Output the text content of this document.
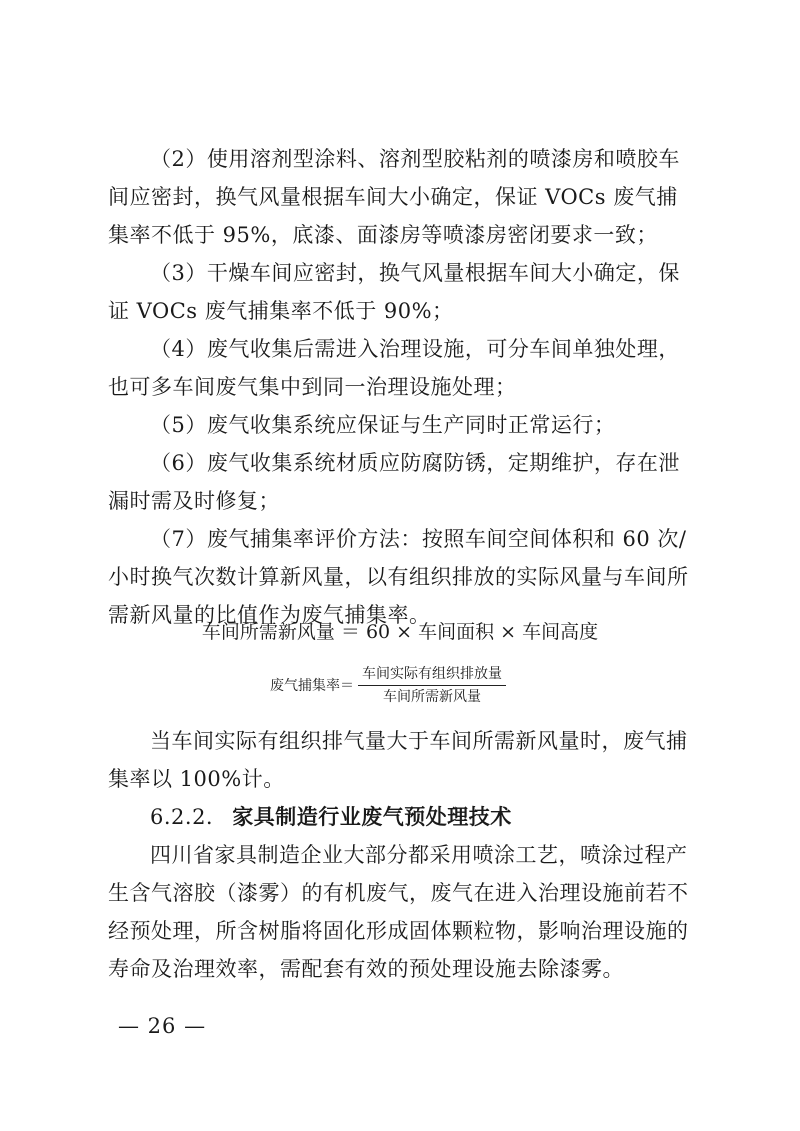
（2）使用溶剂型涂料、溶剂型胶粘剂的喷漆房和喷胶车间应密封，换气风量根据车间大小确定，保证 VOCs 废气捕集率不低于 95%，底漆、面漆房等喷漆房密闭要求一致；

（3）干燥车间应密封，换气风量根据车间大小确定，保证 VOCs 废气捕集率不低于 90%；

（4）废气收集后需进入治理设施，可分车间单独处理，也可多车间废气集中到同一治理设施处理；

（5）废气收集系统应保证与生产同时正常运行；

（6）废气收集系统材质应防腐防锈，定期维护，存在泄漏时需及时修复；

（7）废气捕集率评价方法：按照车间空间体积和 60 次/小时换气次数计算新风量，以有组织排放的实际风量与车间所需新风量的比值作为废气捕集率。

车间所需新风量 ＝ 60 × 车间面积 × 车间高度
废气捕集率＝ $\frac{\text{车间实际有组织排放量}}{\text{车间所需新风量}}$

当车间实际有组织排气量大于车间所需新风量时，废气捕集率以 100%计。

6.2.2. 家具制造行业废气预处理技术

四川省家具制造企业大部分都采用喷涂工艺，喷涂过程产生含气溶胶（漆雾）的有机废气，废气在进入治理设施前若不经预处理，所含树脂将固化形成固体颗粒物，影响治理设施的寿命及治理效率，需配套有效的预处理设施去除漆雾。

— 26 —
